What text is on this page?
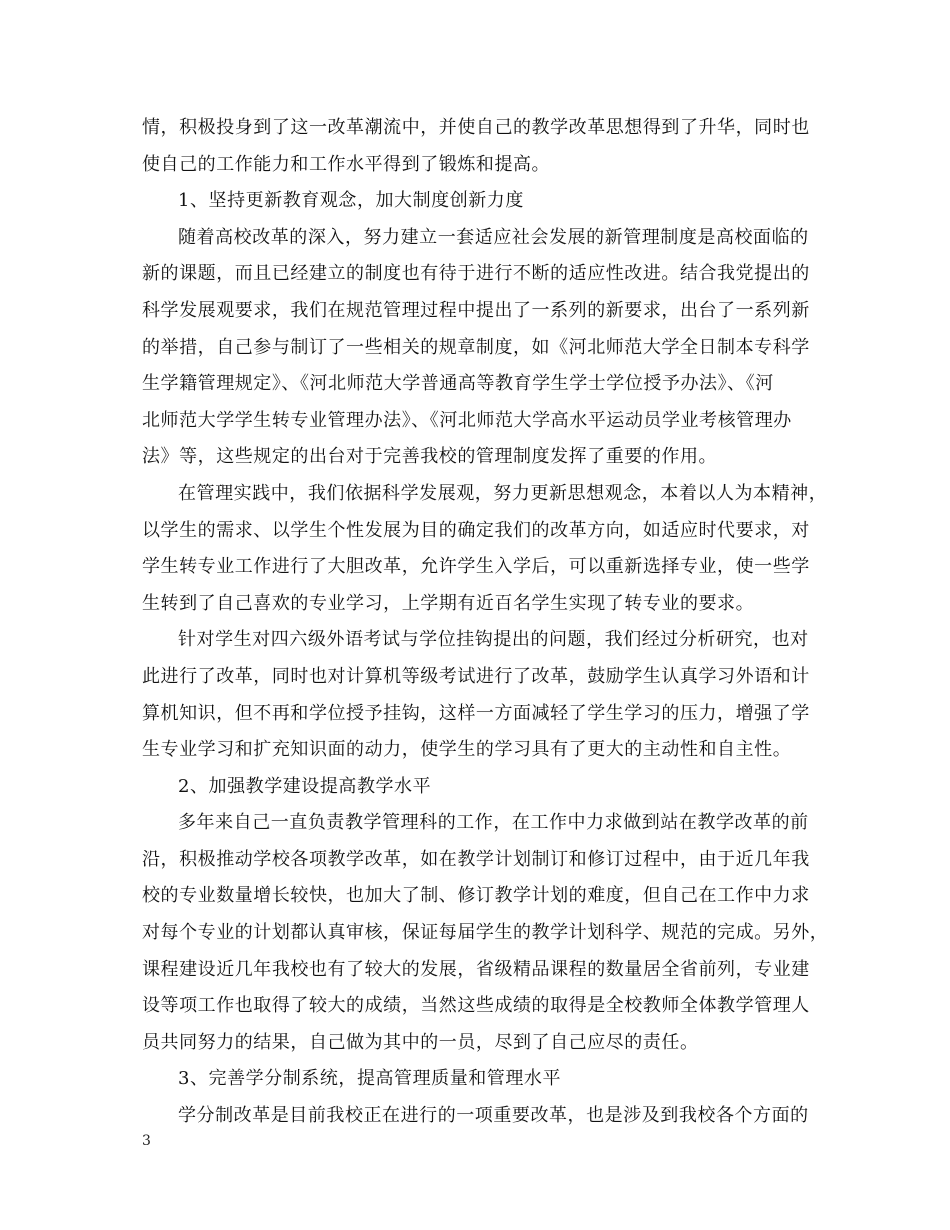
情，积极投身到了这一改革潮流中，并使自己的教学改革思想得到了升华，同时也
使自己的工作能力和工作水平得到了锻炼和提高。
1、坚持更新教育观念，加大制度创新力度
随着高校改革的深入，努力建立一套适应社会发展的新管理制度是高校面临的
新的课题，而且已经建立的制度也有待于进行不断的适应性改进。结合我党提出的
科学发展观要求，我们在规范管理过程中提出了一系列的新要求，出台了一系列新
的举措，自己参与制订了一些相关的规章制度，如《河北师范大学全日制本专科学
生学籍管理规定》、《河北师范大学普通高等教育学生学士学位授予办法》、《河
北师范大学学生转专业管理办法》、《河北师范大学高水平运动员学业考核管理办
法》等，这些规定的出台对于完善我校的管理制度发挥了重要的作用。
在管理实践中，我们依据科学发展观，努力更新思想观念，本着以人为本精神，
以学生的需求、以学生个性发展为目的确定我们的改革方向，如适应时代要求，对
学生转专业工作进行了大胆改革，允许学生入学后，可以重新选择专业，使一些学
生转到了自己喜欢的专业学习，上学期有近百名学生实现了转专业的要求。
针对学生对四六级外语考试与学位挂钩提出的问题，我们经过分析研究，也对
此进行了改革，同时也对计算机等级考试进行了改革，鼓励学生认真学习外语和计
算机知识，但不再和学位授予挂钩，这样一方面减轻了学生学习的压力，增强了学
生专业学习和扩充知识面的动力，使学生的学习具有了更大的主动性和自主性。
2、加强教学建设提高教学水平
多年来自己一直负责教学管理科的工作，在工作中力求做到站在教学改革的前
沿，积极推动学校各项教学改革，如在教学计划制订和修订过程中，由于近几年我
校的专业数量增长较快，也加大了制、修订教学计划的难度，但自己在工作中力求
对每个专业的计划都认真审核，保证每届学生的教学计划科学、规范的完成。另外，
课程建设近几年我校也有了较大的发展，省级精品课程的数量居全省前列，专业建
设等项工作也取得了较大的成绩，当然这些成绩的取得是全校教师全体教学管理人
员共同努力的结果，自己做为其中的一员，尽到了自己应尽的责任。
3、完善学分制系统，提高管理质量和管理水平
学分制改革是目前我校正在进行的一项重要改革，也是涉及到我校各个方面的
3
